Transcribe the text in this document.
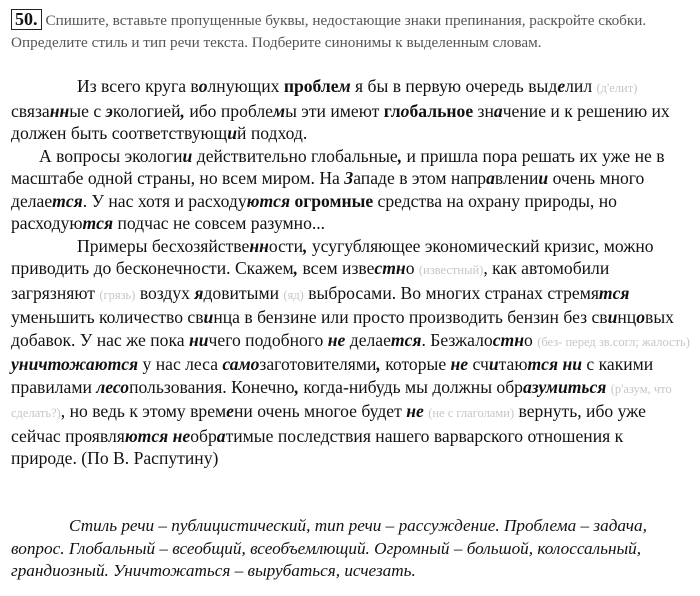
50. Спишите, вставьте пропущенные буквы, недостающие знаки препинания, раскройте скобки. Определите стиль и тип речи текста. Подберите синонимы к выделенным словам.

Из всего круга волнующих проблем я бы в первую очередь выделил (д'елит) связанные с экологией, ибо проблемы эти имеют глобальное значение и к решению их должен быть соответствующий подход.

А вопросы экологии действительно глобальные, и пришла пора решать их уже не в масштабе одной страны, но всем миром. На Западе в этом направлении очень много делается. У нас хотя и расходуются огромные средства на охрану природы, но расходуются подчас не совсем разумно...

Примеры бесхозяйственности, усугубляющее экономический кризис, можно приводить до бесконечности. Скажем, всем известно (известный), как автомобили загрязняют (грязь) воздух ядовитыми (яд) выбросами. Во многих странах стремятся уменьшить количество свинца в бензине или просто производить бензин без свинцовых добавок. У нас же пока ничего подобного не делается. Безжалостно (без- перед зв.согл; жалость) уничтожаются у нас леса самозаготовителями, которые не считаются ни с какими правилами лесопользования. Конечно, когда-нибудь мы должны образумиться (р'азум, что сделать?), но ведь к этому времени очень многое будет не (не с глаголами) вернуть, ибо уже сейчас проявляются необратимые последствия нашего варварского отношения к природе. (По В. Распутину)

Стиль речи – публицистический, тип речи – рассуждение. Проблема – задача, вопрос. Глобальный – всеобщий, всеобъемлющий. Огромный – большой, колоссальный, грандиозный. Уничтожаться – вырубаться, исчезать.
